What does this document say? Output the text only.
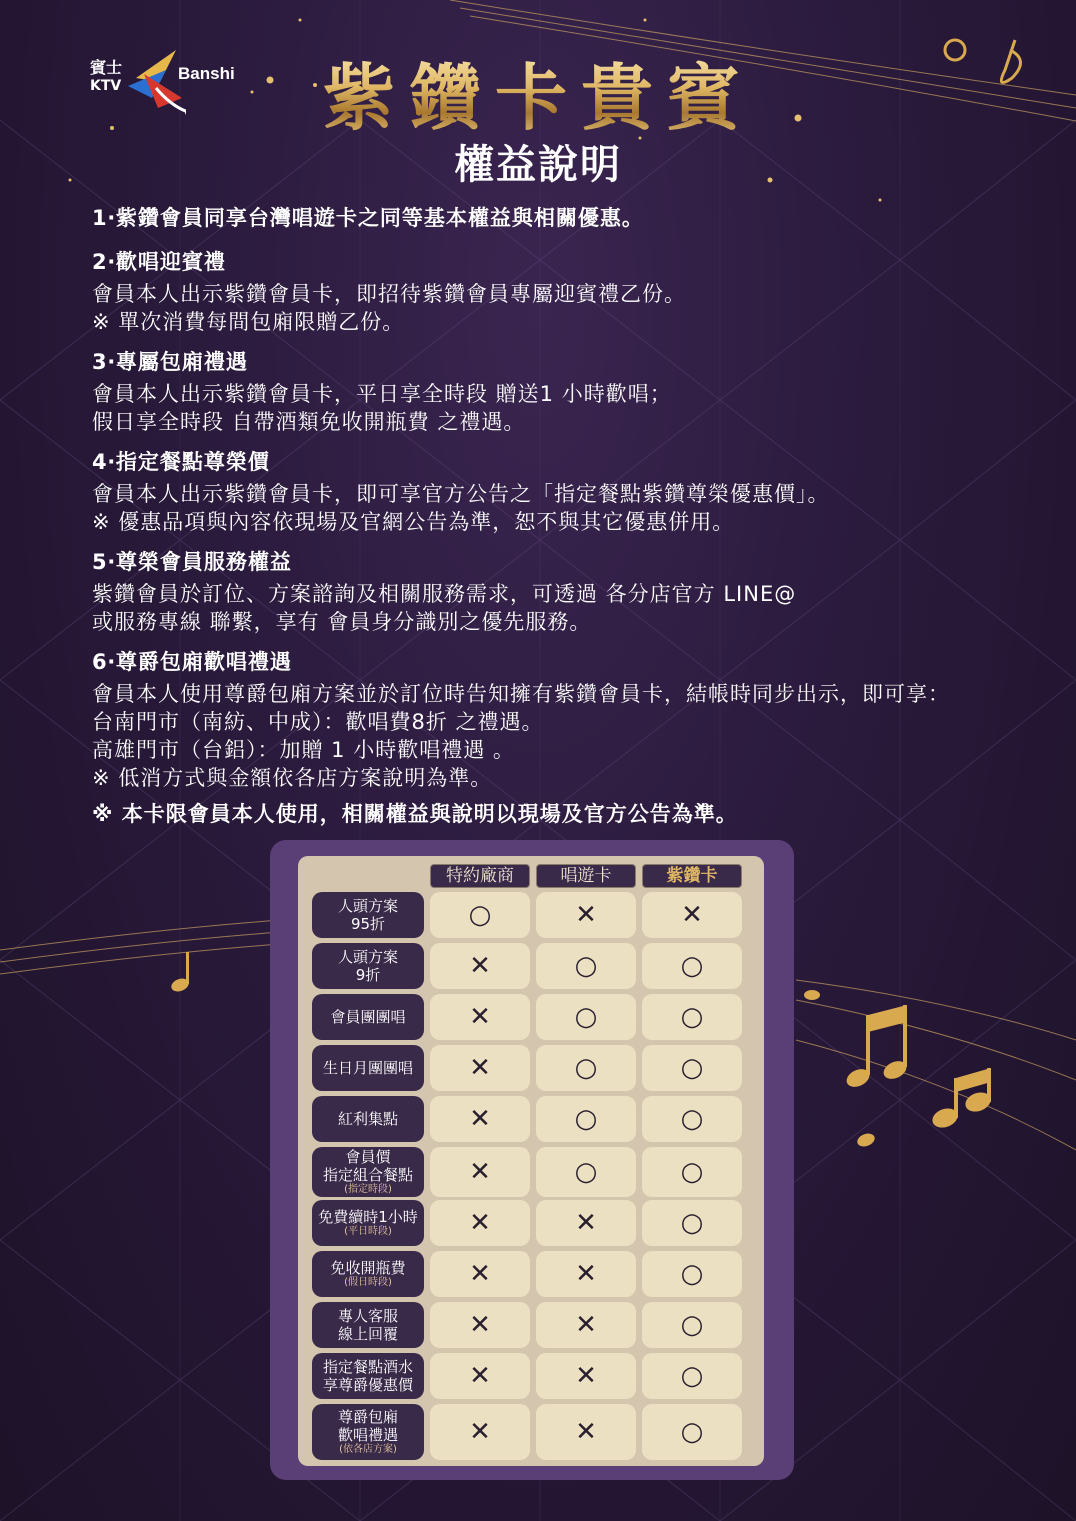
紫鑽卡貴賓
權益說明
1‧紫鑽會員同享台灣唱遊卡之同等基本權益與相關優惠。
2‧歡唱迎賓禮
會員本人出示紫鑽會員卡，即招待紫鑽會員專屬迎賓禮乙份。
※ 單次消費每間包廂限贈乙份。
3‧專屬包廂禮遇
會員本人出示紫鑽會員卡，平日享全時段 贈送1 小時歡唱；
假日享全時段 自帶酒類免收開瓶費 之禮遇。
4‧指定餐點尊榮價
會員本人出示紫鑽會員卡，即可享官方公告之「指定餐點紫鑽尊榮優惠價」。
※ 優惠品項與內容依現場及官網公告為準，恕不與其它優惠併用。
5‧尊榮會員服務權益
紫鑽會員於訂位、方案諮詢及相關服務需求，可透過 各分店官方 LINE@
或服務專線 聯繫，享有 會員身分識別之優先服務。
6‧尊爵包廂歡唱禮遇
會員本人使用尊爵包廂方案並於訂位時告知擁有紫鑽會員卡，結帳時同步出示，即可享：
台南門市（南紡、中成）：歡唱費8折 之禮遇。
高雄門市（台鋁）：加贈 1 小時歡唱禮遇 。
※ 低消方式與金額依各店方案說明為準。
※ 本卡限會員本人使用，相關權益與說明以現場及官方公告為準。
特約廠商	唱遊卡	紫鑽卡
人頭方案
95折	○	✕	✕
人頭方案
9折	✕	○	○
會員團團唱 ✕	○	○
生日月團團唱 ✕	○	○
紅利集點	✕	○	○
會員價
指定組合餐點
(指定時段)
✕	○	○
免費續時1小時
(平日時段)	✕	✕	○
免收開瓶費
(假日時段)	✕	✕	○
專人客服
線上回覆	✕	✕	○
指定餐點酒水
享尊爵優惠價 ✕	✕	○
尊爵包廂
歡唱禮遇
(依各店方案)
✕	✕	○
